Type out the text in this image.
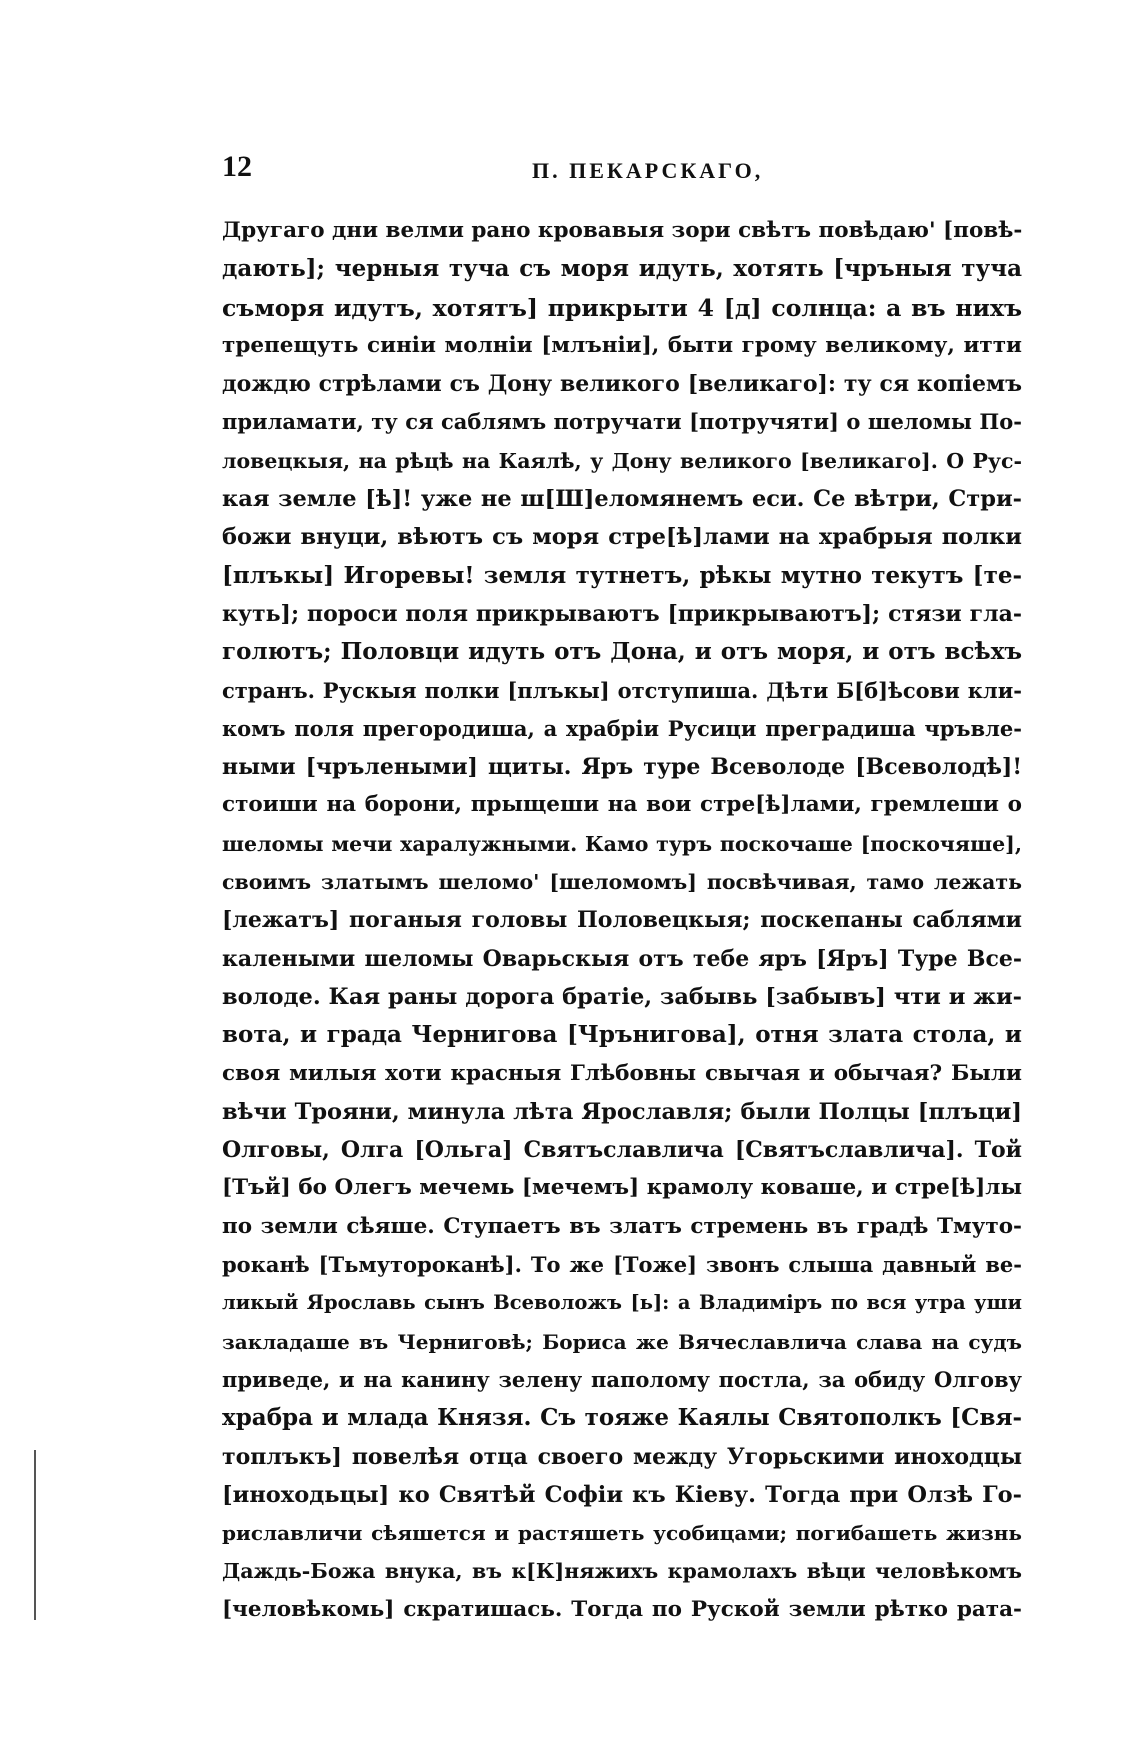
12	П. ПЕКАРСКАГО,
Другаго дни велми рано кровавыя зори свѣтъ повѣдаю' [повѣ-
дають]; черныя туча съ моря идуть, хотять [чръныя туча
съморя идутъ, хотятъ] прикрыти 4 [д] солнца: а въ нихъ
трепещуть синіи молніи [млъніи], быти грому великому, итти
дождю стрѣлами съ Дону великого [великаго]: ту ся копіемъ
приламати, ту ся саблямъ потручати [потручяти] о шеломы По-
ловецкыя, на рѣцѣ на Каялѣ, у Дону великого [великаго]. О Рус-
кая земле [ѣ]! уже не ш[Ш]еломянемъ еси. Се вѣтри, Стри-
божи внуци, вѣютъ съ моря стре[ѣ]лами на храбрыя полки
[плъкы] Игоревы! земля тутнетъ, рѣкы мутно текутъ [те-
куть]; пороси поля прикрываютъ [прикрываютъ]; стязи гла-
голютъ; Половци идуть отъ Дона, и отъ моря, и отъ всѣхъ
странъ. Рускыя полки [плъкы] отступиша. Дѣти Б[б]ѣсови кли-
комъ поля прегородиша, а храбріи Русици преградиша чръвле-
ными [чрълеными] щиты. Яръ туре Всеволоде [Всеволодѣ]!
стоиши на борони, прыщеши на вои стре[ѣ]лами, гремлеши о
шеломы мечи харалужными. Камо туръ поскочаше [поскочяше],
своимъ златымъ шеломо' [шеломомъ] посвѣчивая, тамо лежать
[лежатъ] поганыя головы Половецкыя; поскепаны саблями
калеными шеломы Оварьскыя отъ тебе яръ [Яръ] Туре Все-
володе. Кая раны дорога братіе, забывь [забывъ] чти и жи-
вота, и града Чернигова [Чрънигова], отня злата стола, и
своя милыя хоти красныя Глѣбовны свычая и обычая? Были
вѣчи Трояни, минула лѣта Ярославля; были Полцы [плъци]
Олговы, Олга [Ольга] Святъславлича [Святъславлича]. Той
[Тъй] бо Олегъ мечемь [мечемъ] крамолу коваше, и стре[ѣ]лы
по земли сѣяше. Ступаетъ въ златъ стремень въ градѣ Тмуто-
роканѣ [Тьмутороканѣ]. То же [Тоже] звонъ слыша давный ве-
ликый Ярославь сынъ Всеволожъ [ь]: а Владиміръ по вся утра уши
закладаше въ Черниговѣ; Бориса же Вячеславлича слава на судъ
приведе, и на канину зелену паполому постла, за обиду Олгову
храбра и млада Князя. Съ тояже Каялы Святополкъ [Свя-
топлъкъ] повелѣя отца своего между Угорьскими иноходцы
[иноходьцы] ко Святѣй Софіи къ Кіеву. Тогда при Олзѣ Го-
риславличи сѣяшется и растяшеть усобицами; погибашеть жизнь
Даждь-Божа внука, въ к[К]няжихъ крамолахъ вѣци человѣкомъ
[человѣкомь] скратишась. Тогда по Руской земли рѣтко рата-
